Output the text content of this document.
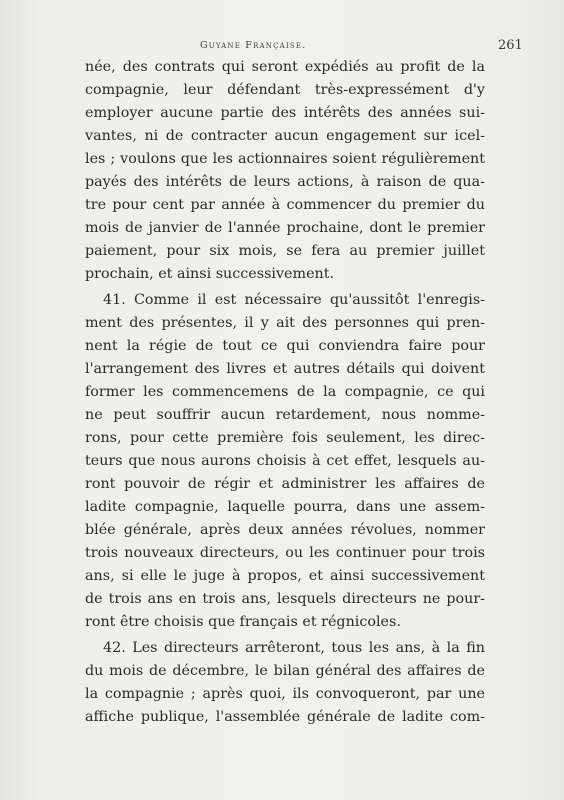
Guyane Française.	261
née, des contrats qui seront expédiés au profit de la
compagnie, leur défendant très-expressément d'y
employer aucune partie des intérêts des années sui-
vantes, ni de contracter aucun engagement sur icel-
les ; voulons que les actionnaires soient régulièrement
payés des intérêts de leurs actions, à raison de qua-
tre pour cent par année à commencer du premier du
mois de janvier de l'année prochaine, dont le premier
paiement, pour six mois, se fera au premier juillet
prochain, et ainsi successivement.
41. Comme il est nécessaire qu'aussitôt l'enregis-
ment des présentes, il y ait des personnes qui pren-
nent la régie de tout ce qui conviendra faire pour
l'arrangement des livres et autres détails qui doivent
former les commencemens de la compagnie, ce qui
ne peut souffrir aucun retardement, nous nomme-
rons, pour cette première fois seulement, les direc-
teurs que nous aurons choisis à cet effet, lesquels au-
ront pouvoir de régir et administrer les affaires de
ladite compagnie, laquelle pourra, dans une assem-
blée générale, après deux années révolues, nommer
trois nouveaux directeurs, ou les continuer pour trois
ans, si elle le juge à propos, et ainsi successivement
de trois ans en trois ans, lesquels directeurs ne pour-
ront être choisis que français et régnicoles.
42. Les directeurs arrêteront, tous les ans, à la fin
du mois de décembre, le bilan général des affaires de
la compagnie ; après quoi, ils convoqueront, par une
affiche publique, l'assemblée générale de ladite com-
